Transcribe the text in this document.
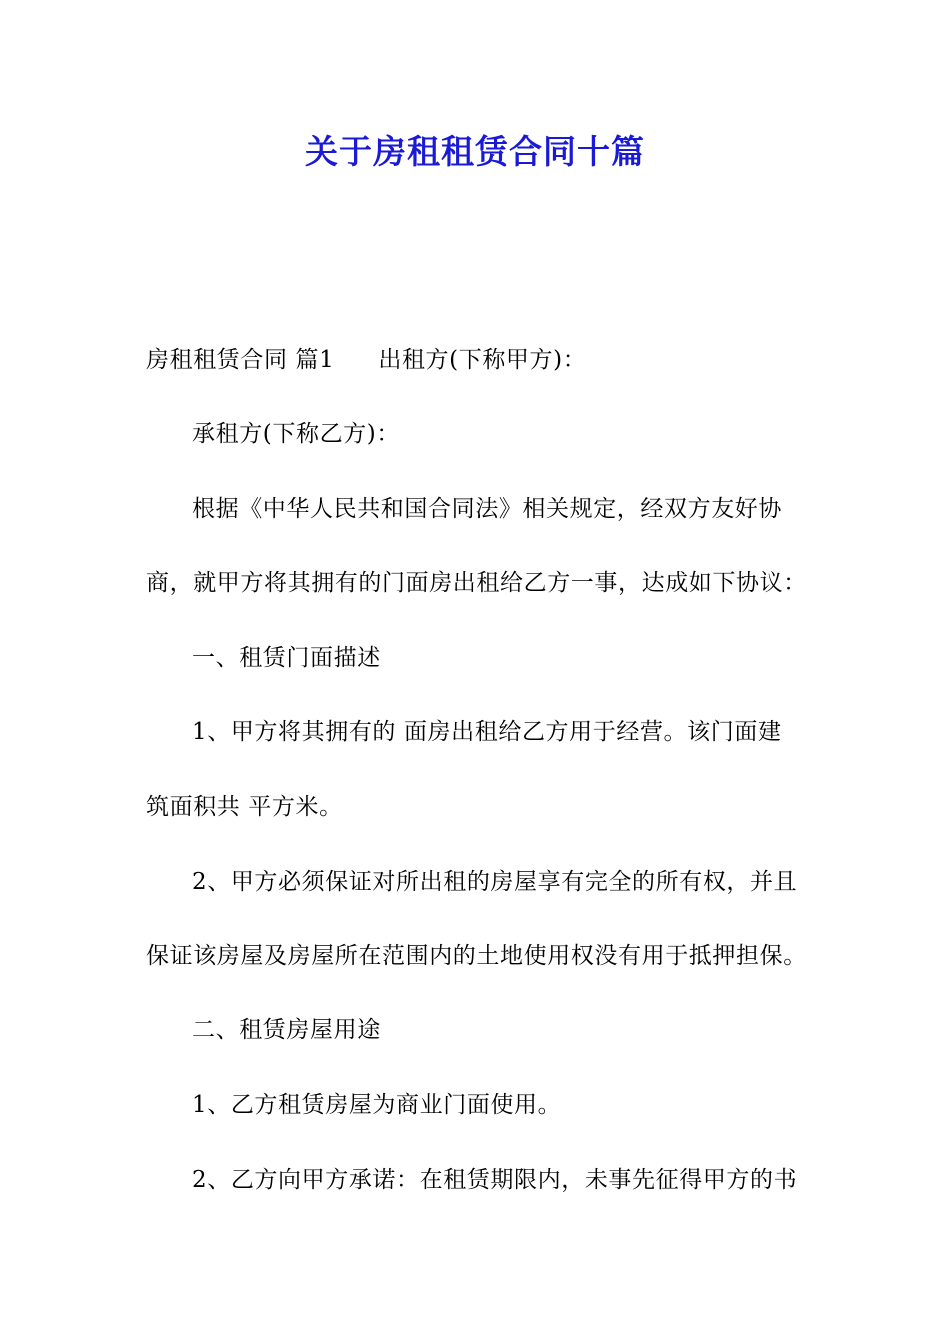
关于房租租赁合同十篇
房租租赁合同 篇1 出租方(下称甲方)：
承租方(下称乙方)：
根据《中华人民共和国合同法》相关规定，经双方友好协
商，就甲方将其拥有的门面房出租给乙方一事，达成如下协议：
一、租赁门面描述
1、甲方将其拥有的 面房出租给乙方用于经营。该门面建
筑面积共 平方米。
2、甲方必须保证对所出租的房屋享有完全的所有权，并且
保证该房屋及房屋所在范围内的土地使用权没有用于抵押担保。
二、租赁房屋用途
1、乙方租赁房屋为商业门面使用。
2、乙方向甲方承诺：在租赁期限内，未事先征得甲方的书
